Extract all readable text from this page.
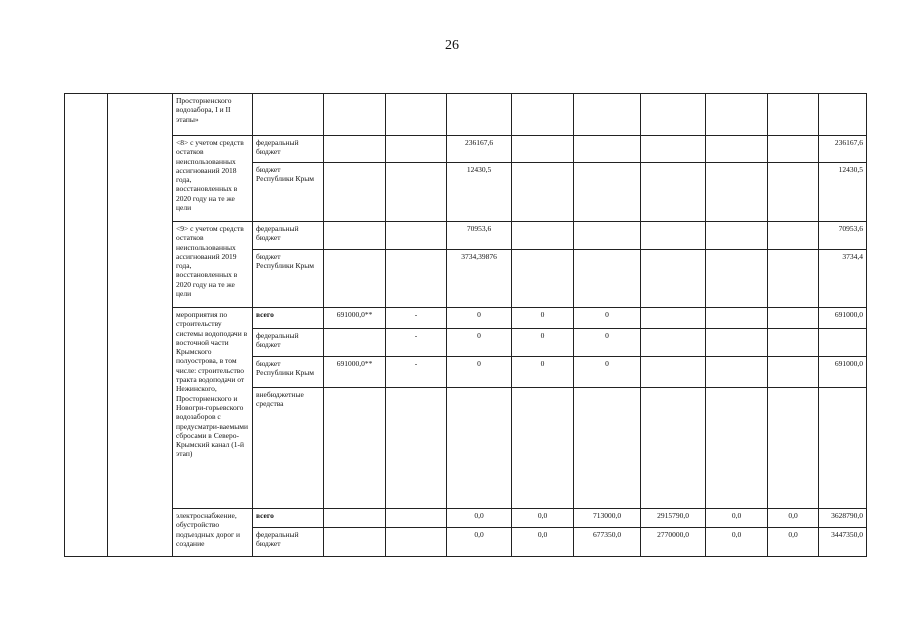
26
		Просторненского водозабора, I и II этапы»										
		<8> с учетом средств остатков неиспользованных ассигнований 2018 года, восстановленных в 2020 году на те же цели	федеральный бюджет			236167,6						236167,6
			бюджет Республики Крым			12430,5						12430,5
		<9> с учетом средств остатков неиспользованных ассигнований 2019 года, восстановленных в 2020 году на те же цели	федеральный бюджет			70953,6						70953,6
			бюджет Республики Крым			3734,39876						3734,4
		мероприятия по строительству системы водоподачи в восточной части Крымского полуострова, в том числе: строительство тракта водоподачи от Нежинского, Просторненского и Новогри-горьевского водозаборов с предусматри-ваемыми сбросами в Северо-Крымский канал (1-й этап)	всего	691000,0**	-	0	0	0				691000,0
			федеральный бюджет		-	0	0	0				
			бюджет Республики Крым	691000,0**	-	0	0	0				691000,0
			внебюджетные средства									
		электроснабжение, обустройство подъездных дорог и создание	всего			0,0	0,0	713000,0	2915790,0	0,0	0,0	3628790,0
			федеральный бюджет			0,0	0,0	677350,0	2770000,0	0,0	0,0	3447350,0
